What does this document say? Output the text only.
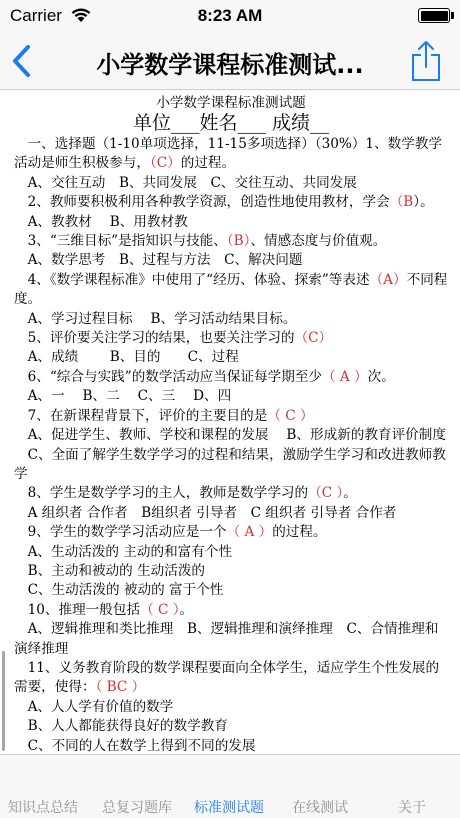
Carrier	8:23 AM
小学数学课程标准测试...
小学数学课程标准测试题
单位___姓名___ 成绩__

　一、选择题（1-10单项选择，11-15多项选择）（30%）1、数学教学活动是师生积极参与，（C）的过程。

　A、交往互动　B、共同发展　C、交往互动、共同发展

　2、教师要积极利用各种教学资源，创造性地使用教材，学会（B）。

　A、教教材　 B、用教材教

　3、“三维目标”是指知识与技能、（B）、情感态度与价值观。

　A、数学思考　B、过程与方法　C、解决问题

　4、《数学课程标准》中使用了“经历、体验、探索”等表述（A）不同程度。

　A、学习过程目标　 B、学习活动结果目标。

　5、评价要关注学习的结果，也要关注学习的（C）

　A、成绩　　 B、目的　　C、过程

　6、“综合与实践”的数学活动应当保证每学期至少（ A ）次。

　A、一　 B、二　 C、三　 D、四

　7、在新课程背景下，评价的主要目的是（ C ）

　A、促进学生、教师、学校和课程的发展　 B、形成新的教育评价制度

　C、全面了解学生数学学习的过程和结果，激励学生学习和改进教师教学

　8、学生是数学学习的主人，教师是数学学习的（C ）。

　A 组织者 合作者　B组织者 引导者　C 组织者 引导者 合作者

　9、学生的数学学习活动应是一个（ A ）的过程。

　A、生动活泼的 主动的和富有个性

　B、主动和被动的 生动活泼的

　C、生动活泼的 被动的 富于个性

　10、推理一般包括（ C ）。

　A、逻辑推理和类比推理　B、逻辑推理和演绎推理　C、合情推理和演绎推理

　11、义务教育阶段的数学课程要面向全体学生，适应学生个性发展的需要，使得：（ BC ）

　A、人人学有价值的数学

　B、人人都能获得良好的数学教育

　C、不同的人在数学上得到不同的发展

知识点总结 总复习题库 标准测试题 在线测试	关于
